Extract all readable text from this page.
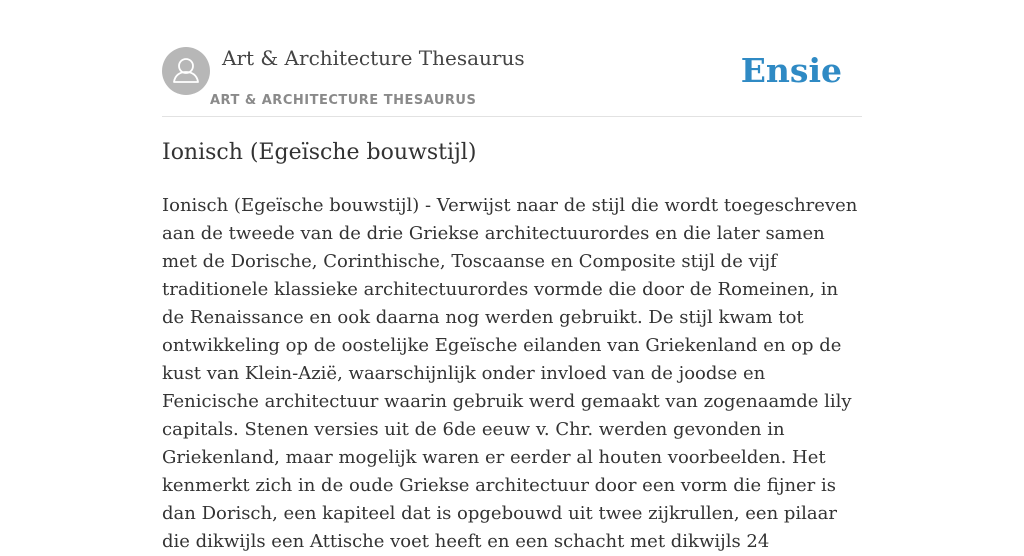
Art & Architecture Thesaurus
ART & ARCHITECTURE THESAURUS
Ensie
Ionisch (Egeïsche bouwstijl)

Ionisch (Egeïsche bouwstijl) - Verwijst naar de stijl die wordt toegeschreven aan de tweede van de drie Griekse architectuurordes en die later samen met de Dorische, Corinthische, Toscaanse en Composite stijl de vijf traditionele klassieke architectuurordes vormde die door de Romeinen, in de Renaissance en ook daarna nog werden gebruikt. De stijl kwam tot ontwikkeling op de oostelijke Egeïsche eilanden van Griekenland en op de kust van Klein-Azië, waarschijnlijk onder invloed van de joodse en Fenicische architectuur waarin gebruik werd gemaakt van zogenaamde lily capitals. Stenen versies uit de 6de eeuw v. Chr. werden gevonden in Griekenland, maar mogelijk waren er eerder al houten voorbeelden. Het kenmerkt zich in de oude Griekse architectuur door een vorm die fijner is dan Dorisch, een kapiteel dat is opgebouwd uit twee zijkrullen, een pilaar die dikwijls een Attische voet heeft en een schacht met dikwijls 24
